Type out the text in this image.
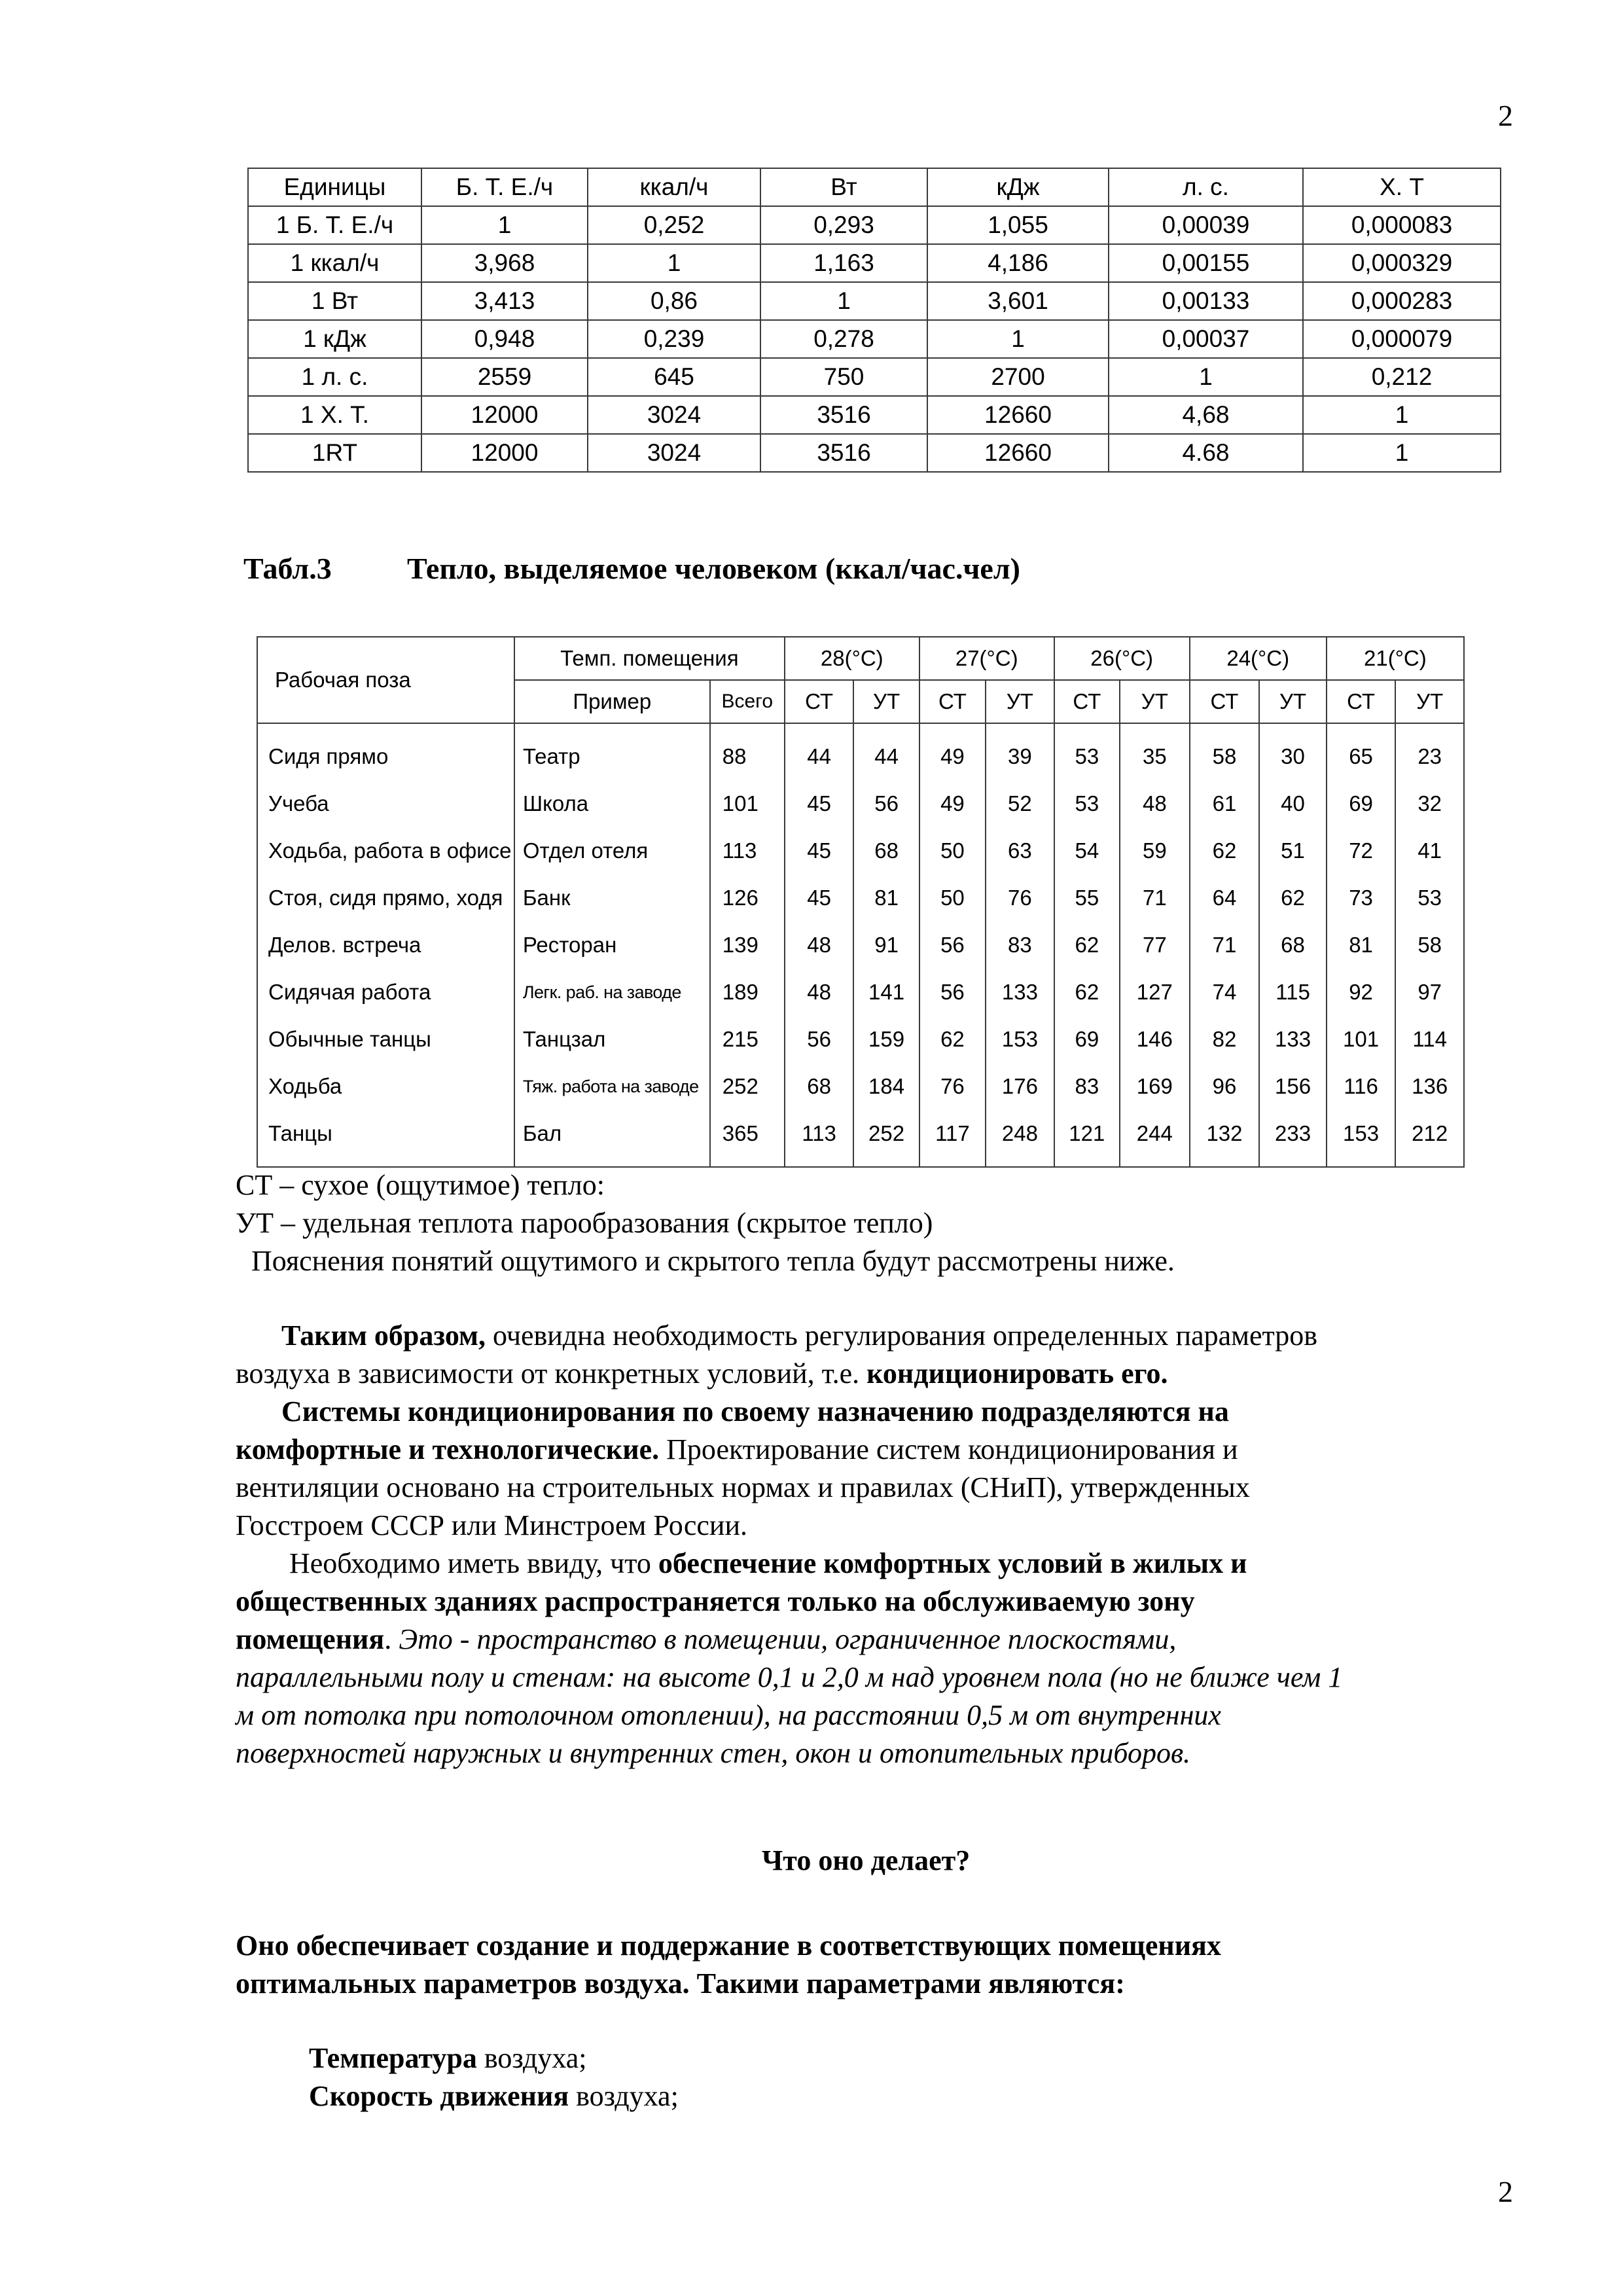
2
Единицы	Б. Т. Е./ч	ккал/ч	Вт	кДж	л. с.	Х. Т
1 Б. Т. Е./ч	1	0,252	0,293	1,055	0,00039	0,000083
1 ккал/ч	3,968	1	1,163	4,186	0,00155	0,000329
1 Вт	3,413	0,86	1	3,601	0,00133	0,000283
1 кДж	0,948	0,239	0,278	1	0,00037	0,000079
1 л. с.	2559	645	750	2700	1	0,212
1 Х. Т.	12000	3024	3516	12660	4,68	1
1RT	12000	3024	3516	12660	4.68	1
Табл.3	Тепло, выделяемое человеком (ккал/час.чел)
Рабочая поза	Темп. помещения		28(°С)		27(°С)		26(°С)		24(°С)		21(°С)	
	Пример	Всего	СТ	УТ	СТ	УТ	СТ	УТ	СТ	УТ	СТ	УТ
Сидя прямо	Театр	88	44	44	49	39	53	35	58	30	65	23
Учеба	Школа	101	45	56	49	52	53	48	61	40	69	32
Ходьба, работа в офисе	Отдел отеля	113	45	68	50	63	54	59	62	51	72	41
Стоя, сидя прямо, ходя	Банк	126	45	81	50	76	55	71	64	62	73	53
Делов. встреча	Ресторан	139	48	91	56	83	62	77	71	68	81	58
Сидячая работа	Легк. раб. на заводе	189	48	141	56	133	62	127	74	115	92	97
Обычные танцы	Танцзал	215	56	159	62	153	69	146	82	133	101	114
Ходьба	Тяж. работа на заводе	252	68	184	76	176	83	169	96	156	116	136
Танцы	Бал	365	113	252	117	248	121	244	132	233	153	212
СТ – сухое (ощутимое) тепло:
УТ – удельная теплота парообразования (скрытое тепло)
Пояснения понятий ощутимого и скрытого тепла будут рассмотрены ниже.
Таким образом, очевидна необходимость регулирования определенных параметров
воздуха в зависимости от конкретных условий, т.е. кондиционировать его.
Системы кондиционирования по своему назначению подразделяются на
комфортные и технологические. Проектирование систем кондиционирования и
вентиляции основано на строительных нормах и правилах (СНиП), утвержденных
Госстроем СССР или Минстроем России.
Необходимо иметь ввиду, что обеспечение комфортных условий в жилых и
общественных зданиях распространяется только на обслуживаемую зону
помещения. Это - пространство в помещении, ограниченное плоскостями,
параллельными полу и стенам: на высоте 0,1 и 2,0 м над уровнем пола (но не ближе чем 1
м от потолка при потолочном отоплении), на расстоянии 0,5 м от внутренних
поверхностей наружных и внутренних стен, окон и отопительных приборов.
Что оно делает?
Оно обеспечивает создание и поддержание в соответствующих помещениях
оптимальных параметров воздуха. Такими параметрами являются:
Температура воздуха;
Скорость движения воздуха;
2
